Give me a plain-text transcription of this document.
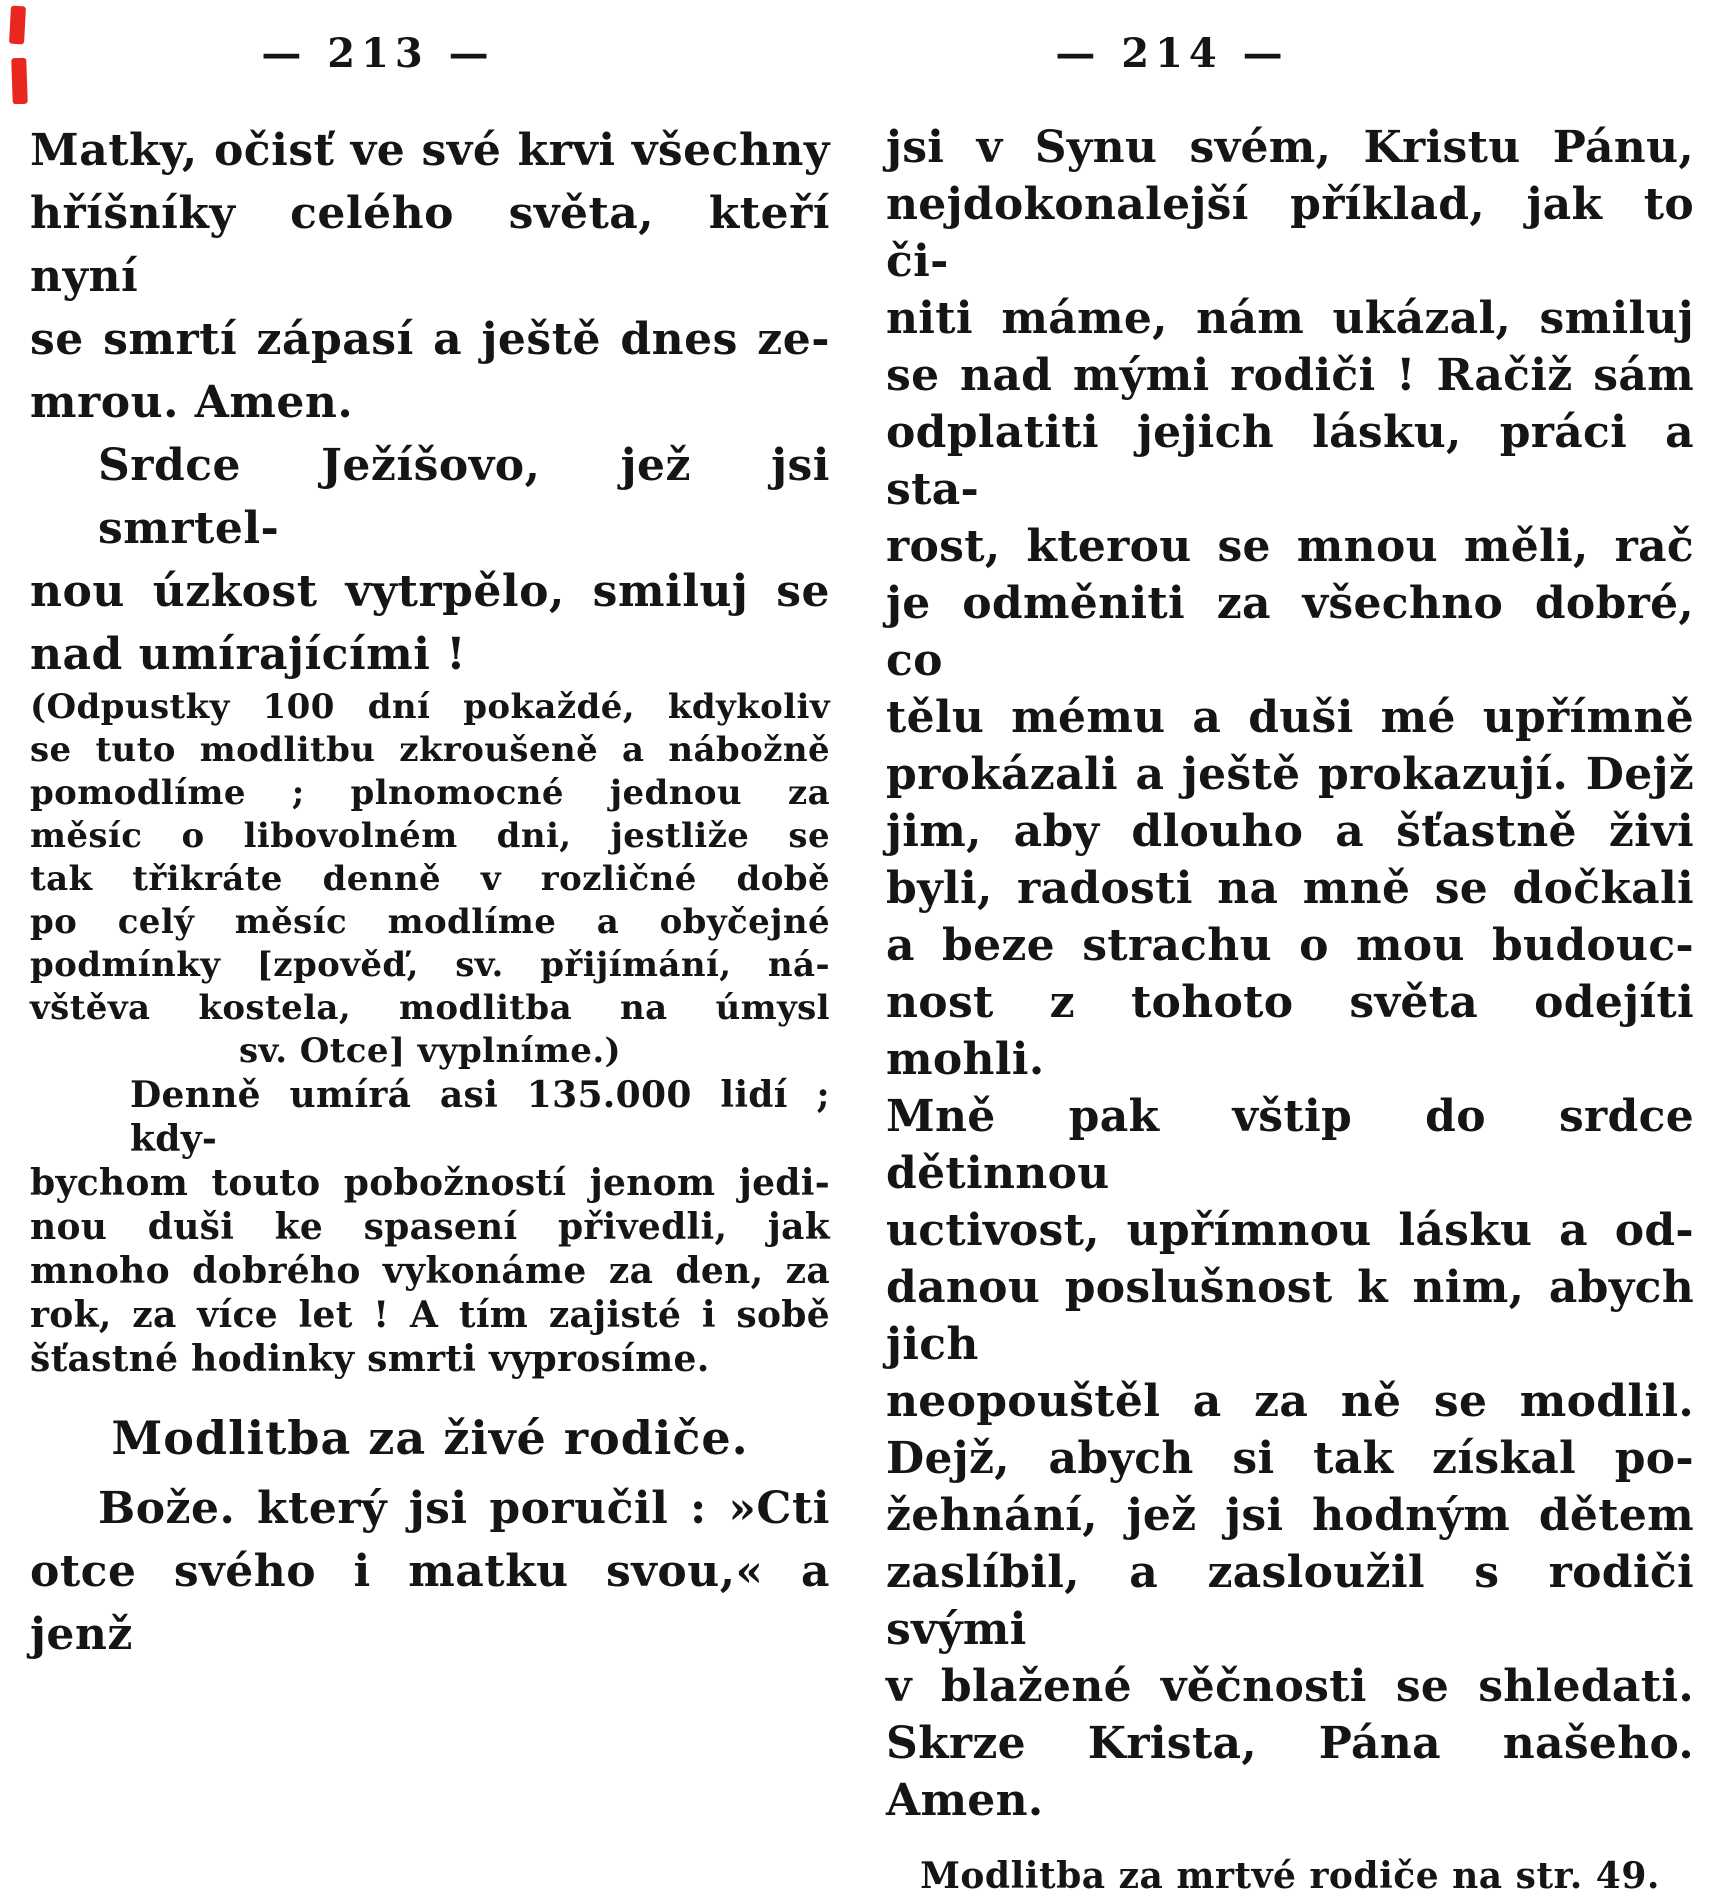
— 213 —
Matky, očisť ve své krvi všechny
hříšníky celého světa, kteří nyní
se smrtí zápasí a ještě dnes ze-
mrou. Amen.
Srdce Ježíšovo, jež jsi smrtel-
nou úzkost vytrpělo, smiluj se
nad umírajícími !
(Odpustky 100 dní pokaždé, kdykoliv
se tuto modlitbu zkroušeně a nábožně
pomodlíme ; plnomocné jednou za
měsíc o libovolném dni, jestliže se
tak třikráte denně v rozličné době
po celý měsíc modlíme a obyčejné
podmínky [zpověď, sv. přijímání, ná-
vštěva kostela, modlitba na úmysl
sv. Otce] vyplníme.)
Denně umírá asi 135.000 lidí ; kdy-
bychom touto pobožností jenom jedi-
nou duši ke spasení přivedli, jak
mnoho dobrého vykonáme za den, za
rok, za více let ! A tím zajisté i sobě
šťastné hodinky smrti vyprosíme.
Modlitba za živé rodiče.
Bože. který jsi poručil : »Cti
otce svého i matku svou,« a jenž
— 214 —
jsi v Synu svém, Kristu Pánu,
nejdokonalejší příklad, jak to či-
niti máme, nám ukázal, smiluj
se nad mými rodiči ! Račiž sám
odplatiti jejich lásku, práci a sta-
rost, kterou se mnou měli, rač
je odměniti za všechno dobré, co
tělu mému a duši mé upřímně
prokázali a ještě prokazují. Dejž
jim, aby dlouho a šťastně živi
byli, radosti na mně se dočkali
a beze strachu o mou budouc-
nost z tohoto světa odejíti mohli.
Mně pak vštip do srdce dětinnou
uctivost, upřímnou lásku a od-
danou poslušnost k nim, abych jich
neopouštěl a za ně se modlil.
Dejž, abych si tak získal po-
žehnání, jež jsi hodným dětem
zaslíbil, a zasloužil s rodiči svými
v blažené věčnosti se shledati.
Skrze Krista, Pána našeho. Amen.
Modlitba za mrtvé rodiče na str. 49.
